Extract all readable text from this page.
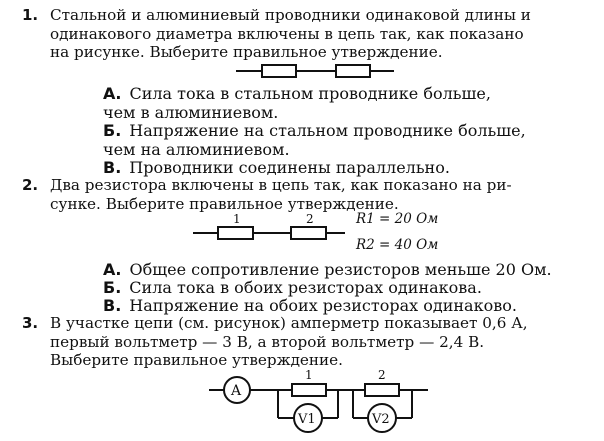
1. Стальной и алюминиевый проводники одинаковой длины и
одинакового диаметра включены в цепь так, как показано
на рисунке. Выберите правильное утверждение.
1	2	R1 = 20 Ом
R2 = 40 Ом
A
V1	V2
1	2
А. Сила тока в стальном проводнике больше,
чем в алюминиевом.
Б. Напряжение на стальном проводнике больше,
чем на алюминиевом.
В. Проводники соединены параллельно.
2. Два резистора включены в цепь так, как показано на ри-
сунке. Выберите правильное утверждение.
А. Общее сопротивление резисторов меньше 20 Ом.
Б. Сила тока в обоих резисторах одинакова.
В. Напряжение на обоих резисторах одинаково.
3. В участке цепи (см. рисунок) амперметр показывает 0,6 А,
первый вольтметр — 3 В, а второй вольтметр — 2,4 В.
Выберите правильное утверждение.
